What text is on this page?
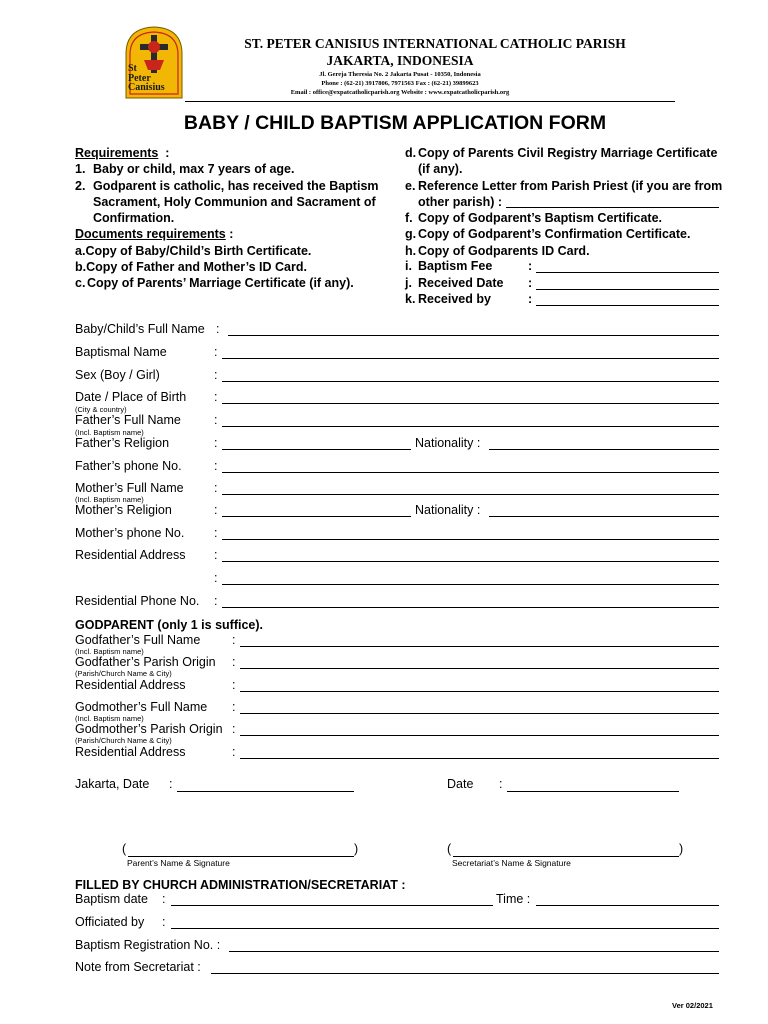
St
Peter
Canisius
ST. PETER CANISIUS INTERNATIONAL CATHOLIC PARISH
JAKARTA, INDONESIA
Jl. Gereja Theresia No. 2 Jakarta Pusat - 10350, Indonesia
Phone : (62-21) 3917806, 7971563 Fax : (62-21) 39899623
Email : office@expatcatholicparish.org Website : www.expatcatholicparish.org
BABY / CHILD BAPTISM APPLICATION FORM
Requirements  :
1. Baby or child, max 7 years of age.
2. Godparent is catholic, has received the Baptism Sacrament, Holy Communion and Sacrament of Confirmation.
Documents requirements :
a. Copy of Baby/Child’s Birth Certificate.
b. Copy of Father and Mother’s ID Card.
c. Copy of Parents’ Marriage Certificate (if any).
d. Copy of Parents Civil Registry Marriage Certificate (if any).
e. Reference Letter from Parish Priest (if you are from other parish) :
f. Copy of Godparent’s Baptism Certificate.
g. Copy of Godparent’s Confirmation Certificate.
h. Copy of Godparents ID Card.
i. Baptism Fee	:
j. Received Date :
k. Received by	:
Baby/Child’s Full Name :
Baptismal Name	:
Sex (Boy / Girl)	:
Date / Place of Birth
(City & country)
:
Father’s Full Name
(Incl. Baptism name)
:
Father’s Religion	:	Nationality :
Father’s phone No.	:
Mother’s Full Name
(Incl. Baptism name)
:
Mother’s Religion	:	Nationality :
Mother’s phone No. :
Residential Address :
:
Residential Phone No. :
GODPARENT (only 1 is suffice).
Godfather’s Full Name
(Incl. Baptism name)
:
Godfather’s Parish Origin
(Parish/Church Name & City)
:
Residential Address	:
Godmother’s Full Name
(Incl. Baptism name)
:
Godmother’s Parish Origin
(Parish/Church Name & City)
:
Residential Address	:
Jakarta, Date :	Date :
(	)
Parent’s Name & Signature
(	)
Secretariat’s Name & Signature
FILLED BY CHURCH ADMINISTRATION/SECRETARIAT :
Baptism date :	Time :
Officiated by :
Baptism Registration No. :
Note from Secretariat :
Ver 02/2021
